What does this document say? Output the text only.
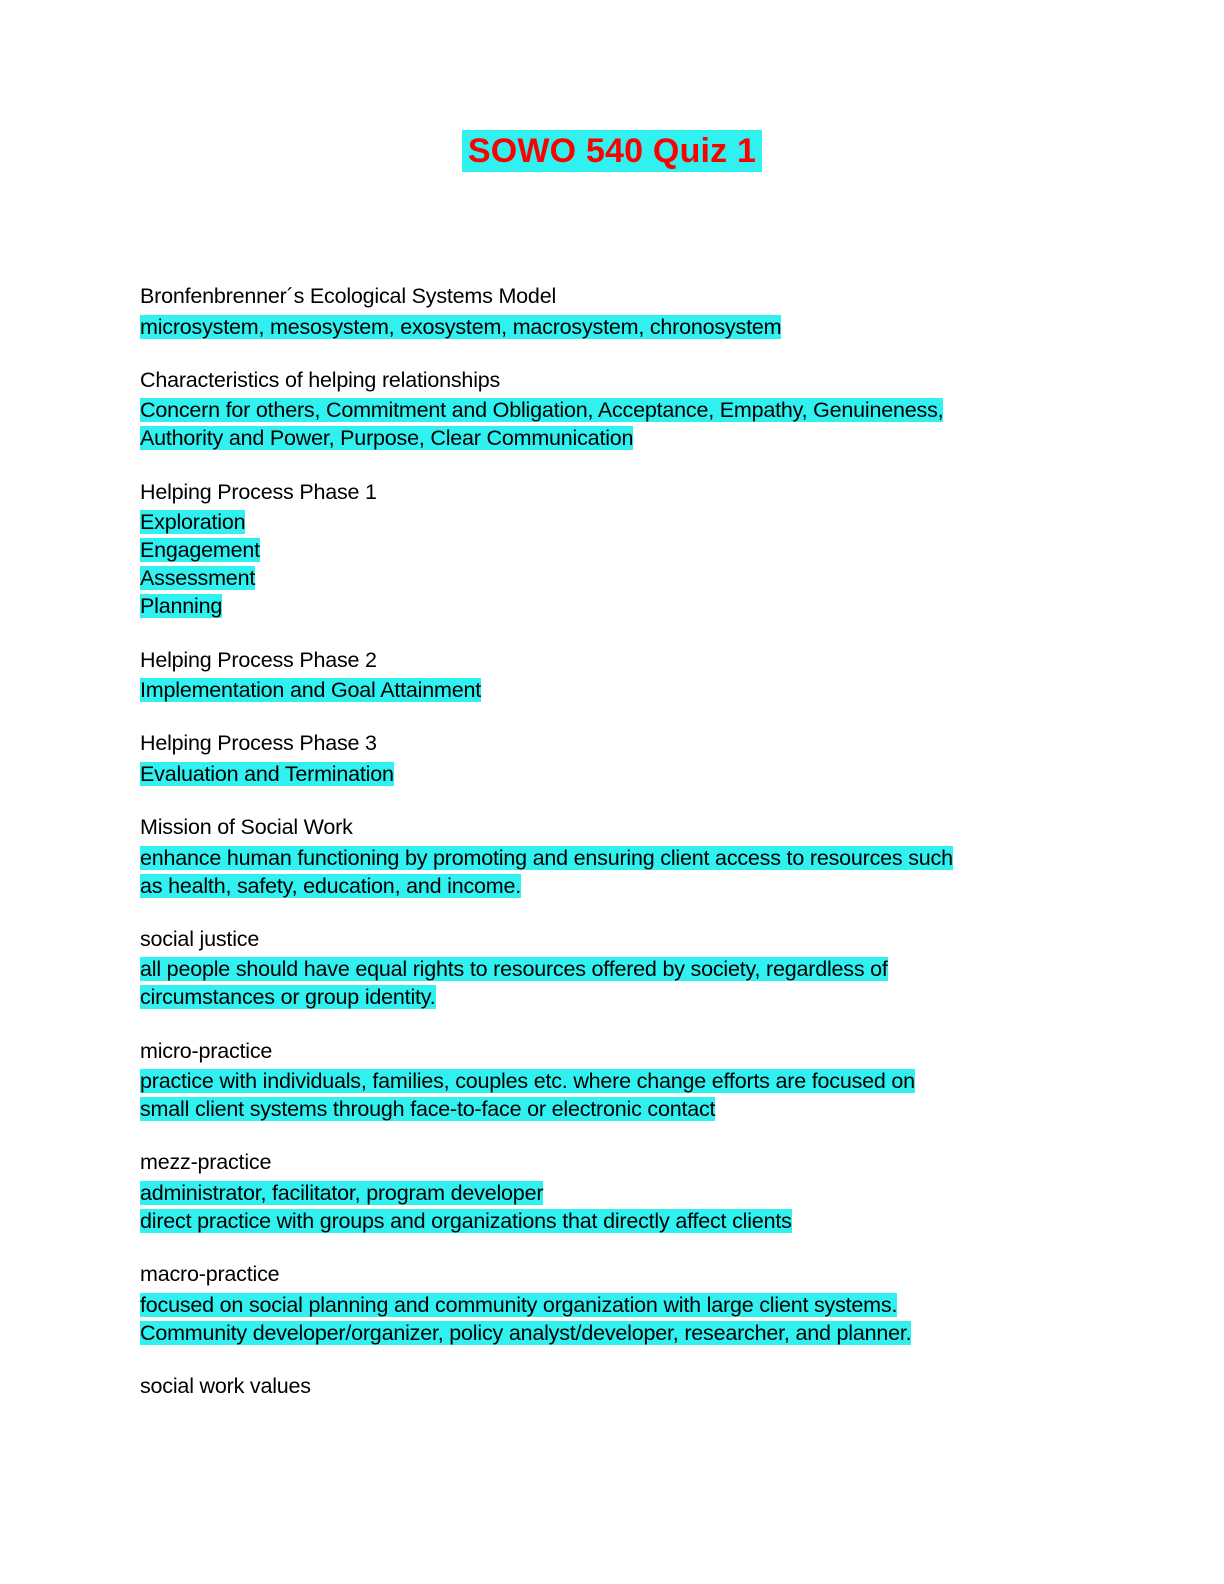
SOWO 540 Quiz 1
Bronfenbrenner´s Ecological Systems Model
microsystem, mesosystem, exosystem, macrosystem, chronosystem
Characteristics of helping relationships
Concern for others, Commitment and Obligation, Acceptance, Empathy, Genuineness,
Authority and Power, Purpose, Clear Communication
Helping Process Phase 1
Exploration
Engagement
Assessment
Planning
Helping Process Phase 2
Implementation and Goal Attainment
Helping Process Phase 3
Evaluation and Termination
Mission of Social Work
enhance human functioning by promoting and ensuring client access to resources such
as health, safety, education, and income.
social justice
all people should have equal rights to resources offered by society, regardless of
circumstances or group identity.
micro-practice
practice with individuals, families, couples etc. where change efforts are focused on
small client systems through face-to-face or electronic contact
mezz-practice
administrator, facilitator, program developer
direct practice with groups and organizations that directly affect clients
macro-practice
focused on social planning and community organization with large client systems.
Community developer/organizer, policy analyst/developer, researcher, and planner.
social work values
